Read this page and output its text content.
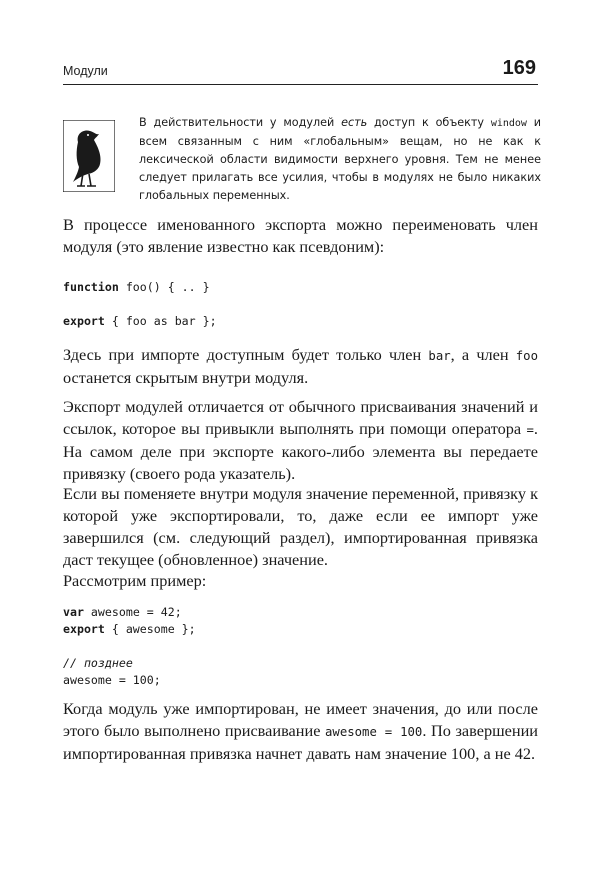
Модули	169
В действительности у модулей есть доступ к объекту window и всем связанным с ним «глобальным» вещам, но не как к лексической области видимости верхнего уровня. Тем не менее следует прилагать все усилия, чтобы в модулях не было никаких глобальных переменных.

В процессе именованного экспорта можно переименовать член модуля (это явление известно как псевдоним):

function foo() { .. }

export { foo as bar };

Здесь при импорте доступным будет только член bar, а член foo останется скрытым внутри модуля.

Экспорт модулей отличается от обычного присваивания значений и ссылок, которое вы привыкли выполнять при помощи оператора =. На самом деле при экспорте какого-либо элемента вы передаете привязку (своего рода указатель).

Если вы поменяете внутри модуля значение переменной, привязку к которой уже экспортировали, то, даже если ее импорт уже завершился (см. следующий раздел), импортированная привязка даст текущее (обновленное) значение.

Рассмотрим пример:

var awesome = 42;
export { awesome };

// позднее
awesome = 100;

Когда модуль уже импортирован, не имеет значения, до или после этого было выполнено присваивание awesome = 100. По завершении импортированная привязка начнет давать нам значение 100, а не 42.
